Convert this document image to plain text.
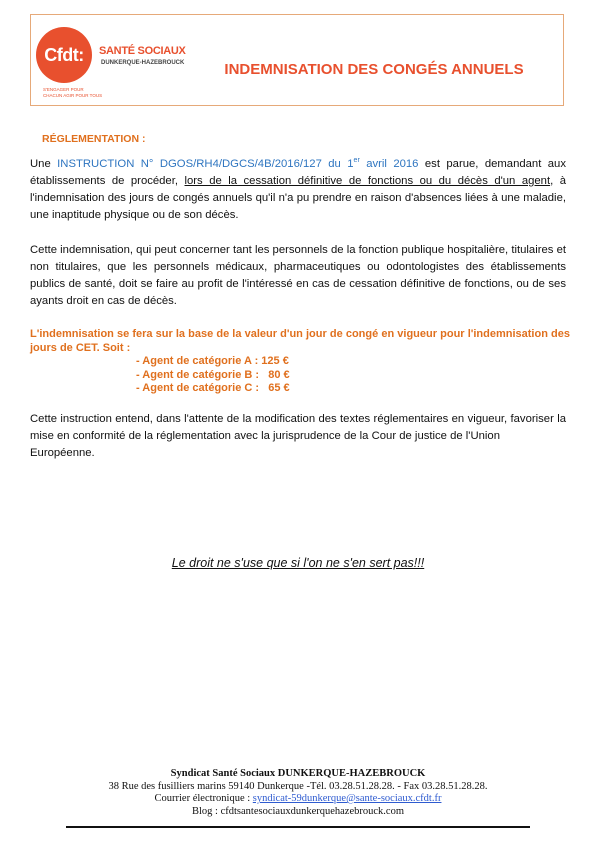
Cfdt:	SANTÉ SOCIAUX
DUNKERQUE-HAZEBROUCK
S'ENGAGER POUR CHACUN AGIR POUR TOUS
INDEMNISATION DES CONGÉS ANNUELS
RÉGLEMENTATION :

Une INSTRUCTION N° DGOS/RH4/DGCS/4B/2016/127 du 1er avril 2016 est parue, demandant aux établissements de procéder, lors de la cessation définitive de fonctions ou du décès d'un agent, à l'indemnisation des jours de congés annuels qu'il n'a pu prendre en raison d'absences liées à une maladie, une inaptitude physique ou de son décès.

Cette indemnisation, qui peut concerner tant les personnels de la fonction publique hospitalière, titulaires et non titulaires, que les personnels médicaux, pharmaceutiques ou odontologistes des établissements publics de santé, doit se faire au profit de l'intéressé en cas de cessation définitive de fonctions, ou de ses ayants droit en cas de décès.

L'indemnisation se fera sur la base de la valeur d'un jour de congé en vigueur pour l'indemnisation des jours de CET. Soit :
- Agent de catégorie A : 125 €
- Agent de catégorie B :   80 €
- Agent de catégorie C :   65 €

Cette instruction entend, dans l'attente de la modification des textes réglementaires en vigueur, favoriser la mise en conformité de la réglementation avec la jurisprudence de la Cour de justice de l'Union
Européenne.

Le droit ne s'use que si l'on ne s'en sert pas!!!
Syndicat Santé Sociaux DUNKERQUE-HAZEBROUCK
38 Rue des fusilliers marins 59140 Dunkerque -Tél. 03.28.51.28.28. - Fax 03.28.51.28.28.
Courrier électronique : syndicat-59dunkerque@sante-sociaux.cfdt.fr
Blog : cfdtsantesociauxdunkerquehazebrouck.com
